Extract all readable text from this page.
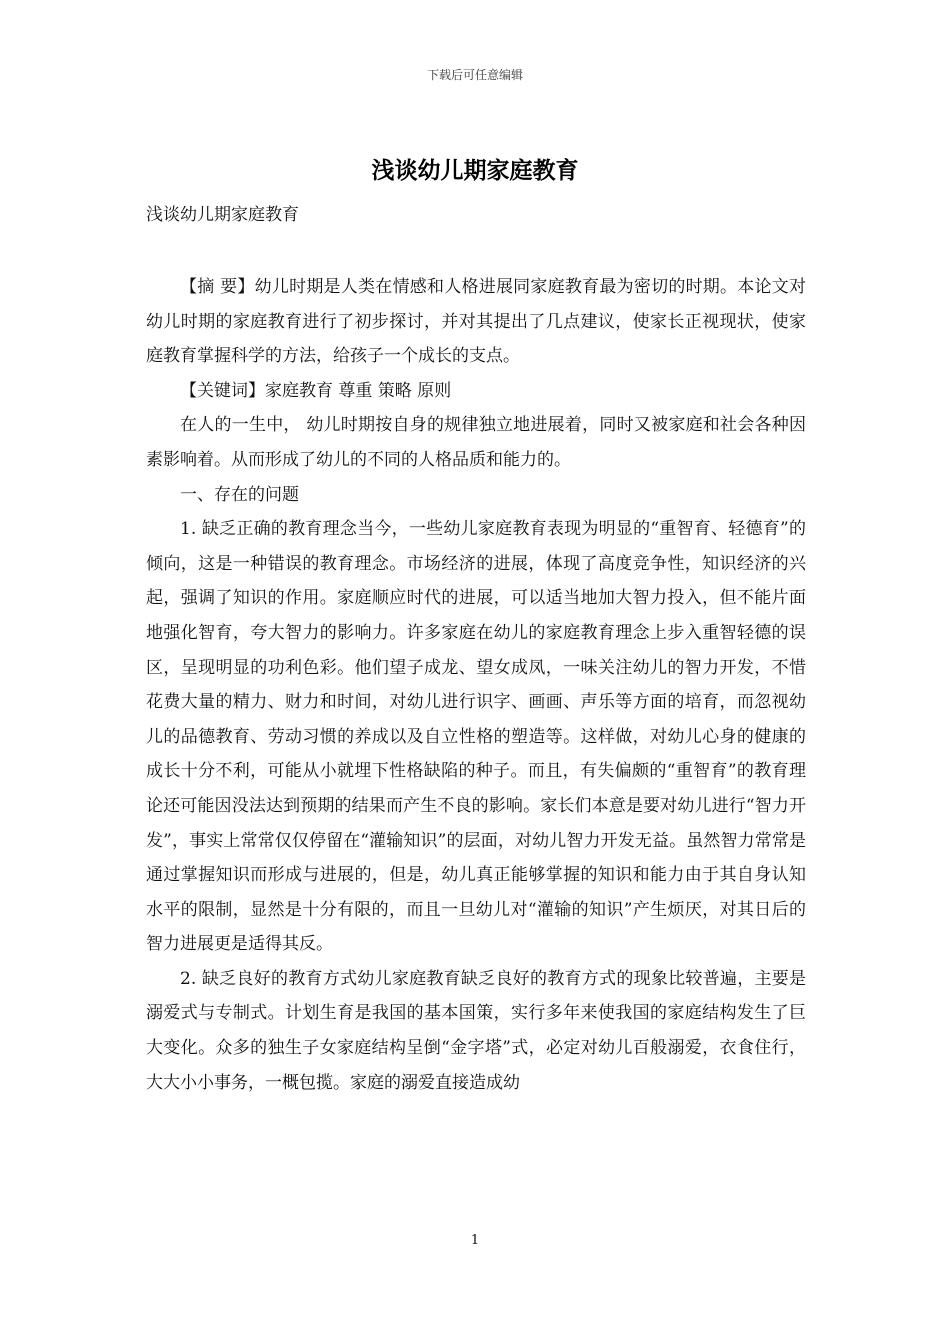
下载后可任意编辑
浅谈幼儿期家庭教育
浅谈幼儿期家庭教育

【摘 要】幼儿时期是人类在情感和人格进展同家庭教育最为密切的时期。本论文对幼儿时期的家庭教育进行了初步探讨，并对其提出了几点建议，使家长正视现状，使家庭教育掌握科学的方法，给孩子一个成长的支点。

【关键词】家庭教育 尊重 策略 原则

在人的一生中， 幼儿时期按自身的规律独立地进展着，同时又被家庭和社会各种因素影响着。从而形成了幼儿的不同的人格品质和能力的。

一、存在的问题

1. 缺乏正确的教育理念当今，一些幼儿家庭教育表现为明显的“重智育、轻德育”的倾向，这是一种错误的教育理念。市场经济的进展，体现了高度竞争性，知识经济的兴起，强调了知识的作用。家庭顺应时代的进展，可以适当地加大智力投入，但不能片面地强化智育，夸大智力的影响力。许多家庭在幼儿的家庭教育理念上步入重智轻德的误区，呈现明显的功利色彩。他们望子成龙、望女成凤，一味关注幼儿的智力开发，不惜花费大量的精力、财力和时间，对幼儿进行识字、画画、声乐等方面的培育，而忽视幼儿的品德教育、劳动习惯的养成以及自立性格的塑造等。这样做，对幼儿心身的健康的成长十分不利，可能从小就埋下性格缺陷的种子。而且，有失偏颇的“重智育”的教育理论还可能因没法达到预期的结果而产生不良的影响。家长们本意是要对幼儿进行“智力开发”，事实上常常仅仅停留在“灌输知识”的层面，对幼儿智力开发无益。虽然智力常常是通过掌握知识而形成与进展的，但是，幼儿真正能够掌握的知识和能力由于其自身认知水平的限制，显然是十分有限的，而且一旦幼儿对“灌输的知识”产生烦厌，对其日后的智力进展更是适得其反。

2. 缺乏良好的教育方式幼儿家庭教育缺乏良好的教育方式的现象比较普遍，主要是溺爱式与专制式。计划生育是我国的基本国策，实行多年来使我国的家庭结构发生了巨大变化。众多的独生子女家庭结构呈倒“金字塔”式，必定对幼儿百般溺爱，衣食住行，大大小小事务，一概包揽。家庭的溺爱直接造成幼

1
